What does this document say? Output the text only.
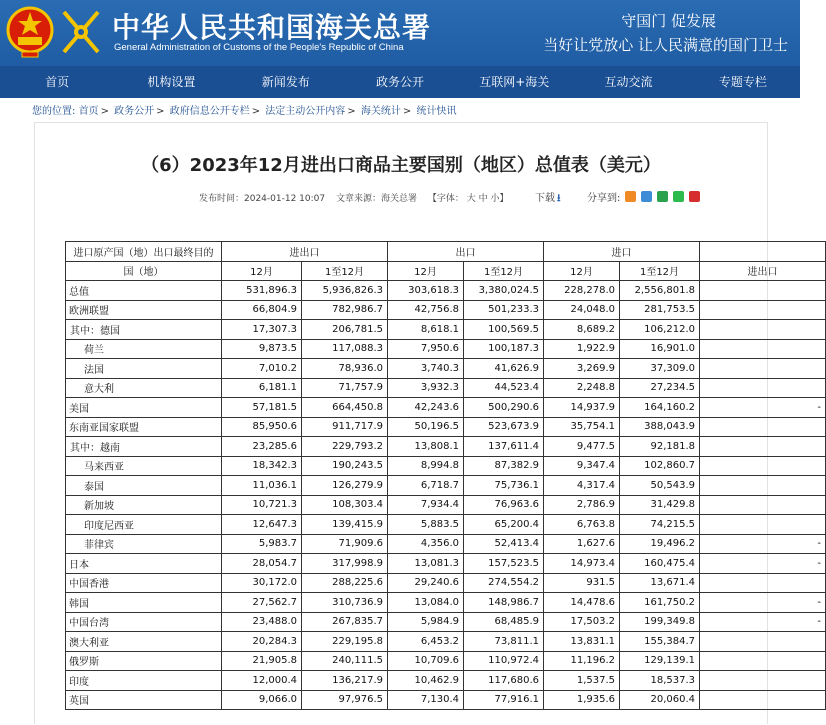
中华人民共和国海关总署
General Administration of Customs of the People's Republic of China
守国门 促发展
当好让党放心 让人民满意的国门卫士
首页	机构设置	新闻发布	政务公开	互联网+海关	互动交流	专题专栏
您的位置: 首页 > 政务公开 > 政府信息公开专栏 > 法定主动公开内容 > 海关统计 > 统计快讯
（6）2023年12月进出口商品主要国别（地区）总值表（美元）
发布时间：2024-01-12 10:07 文章来源：海关总署 【字体： 大 中 小】	下载 ⭳	分享到:
进口原产国（地）出口最终目的	进出口		出口		进口		
国（地）	12月	1至12月	12月	1至12月	12月	1至12月	进出口
总值	531,896.3	5,936,826.3	303,618.3	3,380,024.5	228,278.0	2,556,801.8	
欧洲联盟	66,804.9	782,986.7	42,756.8	501,233.3	24,048.0	281,753.5	
其中：德国	17,307.3	206,781.5	8,618.1	100,569.5	8,689.2	106,212.0	
荷兰	9,873.5	117,088.3	7,950.6	100,187.3	1,922.9	16,901.0	
法国	7,010.2	78,936.0	3,740.3	41,626.9	3,269.9	37,309.0	
意大利	6,181.1	71,757.9	3,932.3	44,523.4	2,248.8	27,234.5	
美国	57,181.5	664,450.8	42,243.6	500,290.6	14,937.9	164,160.2	-
东南亚国家联盟	85,950.6	911,717.9	50,196.5	523,673.9	35,754.1	388,043.9	
其中：越南	23,285.6	229,793.2	13,808.1	137,611.4	9,477.5	92,181.8	
马来西亚	18,342.3	190,243.5	8,994.8	87,382.9	9,347.4	102,860.7	
泰国	11,036.1	126,279.9	6,718.7	75,736.1	4,317.4	50,543.9	
新加坡	10,721.3	108,303.4	7,934.4	76,963.6	2,786.9	31,429.8	
印度尼西亚	12,647.3	139,415.9	5,883.5	65,200.4	6,763.8	74,215.5	
菲律宾	5,983.7	71,909.6	4,356.0	52,413.4	1,627.6	19,496.2	-
日本	28,054.7	317,998.9	13,081.3	157,523.5	14,973.4	160,475.4	-
中国香港	30,172.0	288,225.6	29,240.6	274,554.2	931.5	13,671.4	
韩国	27,562.7	310,736.9	13,084.0	148,986.7	14,478.6	161,750.2	-
中国台湾	23,488.0	267,835.7	5,984.9	68,485.9	17,503.2	199,349.8	-
澳大利亚	20,284.3	229,195.8	6,453.2	73,811.1	13,831.1	155,384.7	
俄罗斯	21,905.8	240,111.5	10,709.6	110,972.4	11,196.2	129,139.1	
印度	12,000.4	136,217.9	10,462.9	117,680.6	1,537.5	18,537.3	
英国	9,066.0	97,976.5	7,130.4	77,916.1	1,935.6	20,060.4	
